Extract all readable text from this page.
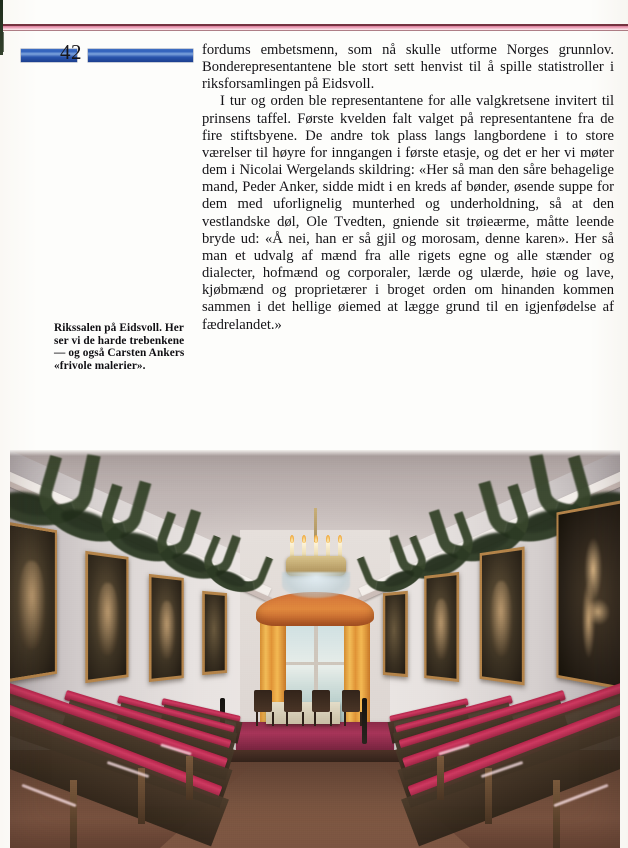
42	fordums embetsmenn, som nå skulle utforme Norges grunnlov. Bonderepresentantene ble stort sett henvist til å spille statistroller i riksforsamlingen på Eidsvoll.

I tur og orden ble representantene for alle valgkretsene invitert til prinsens taffel. Første kvelden falt valget på representantene fra de fire stiftsbyene. De andre tok plass langs langbordene i to store værelser til høyre for inngangen i første etasje, og det er her vi møter dem i Nicolai Wergelands skildring: «Her så man den såre behagelige mand, Peder Anker, sidde midt i en kreds af bønder, øsende suppe for dem med uforlignelig munterhed og underholdning, så at den vestlandske døl, Ole Tvedten, gniende sit trøiеærme, måtte leende bryde ud: «Å nei, han er så gjil og morosam, denne karen». Her så man et udvalg af mænd fra alle rigets egne og alle stænder og dialecter, hofmænd og corporaler, lærde og ulærde, høie og lave, kjøbmænd og proprietærer i broget orden om hinanden kommen sammen i det hellige øiemed at lægge grund til en igjenfødelse af fædrelandet.»

Rikssalen på Eidsvoll. Her ser vi de harde trebenkene — og også Carsten Ankers «frivole malerier».
